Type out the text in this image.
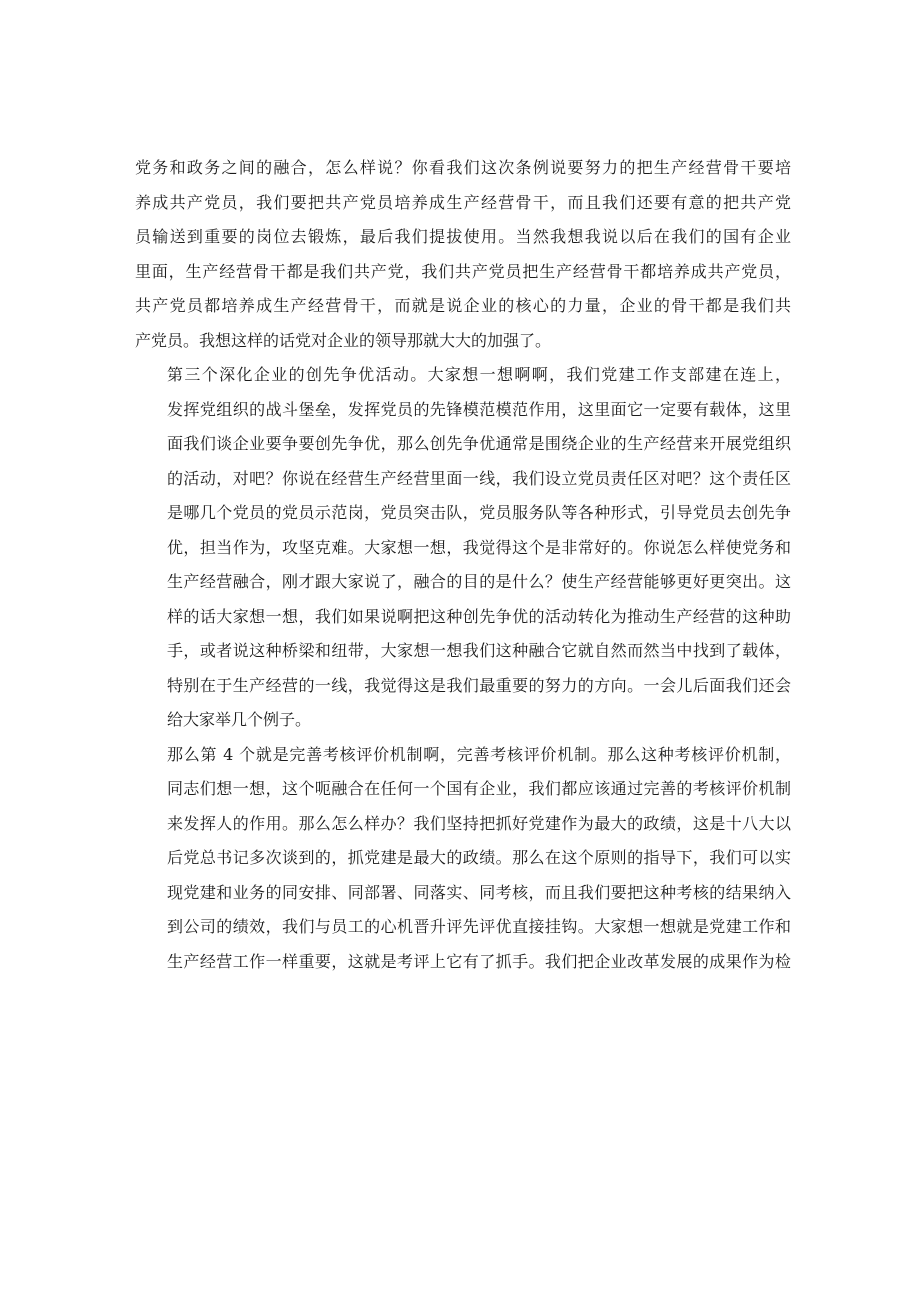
党务和政务之间的融合，怎么样说？你看我们这次条例说要努力的把生产经营骨干要培
养成共产党员，我们要把共产党员培养成生产经营骨干，而且我们还要有意的把共产党
员输送到重要的岗位去锻炼，最后我们提拔使用。当然我想我说以后在我们的国有企业
里面，生产经营骨干都是我们共产党，我们共产党员把生产经营骨干都培养成共产党员，
共产党员都培养成生产经营骨干，而就是说企业的核心的力量，企业的骨干都是我们共
产党员。我想这样的话党对企业的领导那就大大的加强了。
第三个深化企业的创先争优活动。大家想一想啊啊，我们党建工作支部建在连上，
发挥党组织的战斗堡垒，发挥党员的先锋模范模范作用，这里面它一定要有载体，这里
面我们谈企业要争要创先争优，那么创先争优通常是围绕企业的生产经营来开展党组织
的活动，对吧？你说在经营生产经营里面一线，我们设立党员责任区对吧？这个责任区
是哪几个党员的党员示范岗，党员突击队，党员服务队等各种形式，引导党员去创先争
优，担当作为，攻坚克难。大家想一想，我觉得这个是非常好的。你说怎么样使党务和
生产经营融合，刚才跟大家说了，融合的目的是什么？使生产经营能够更好更突出。这
样的话大家想一想，我们如果说啊把这种创先争优的活动转化为推动生产经营的这种助
手，或者说这种桥梁和纽带，大家想一想我们这种融合它就自然而然当中找到了载体，
特别在于生产经营的一线，我觉得这是我们最重要的努力的方向。一会儿后面我们还会
给大家举几个例子。
那么第 4 个就是完善考核评价机制啊，完善考核评价机制。那么这种考核评价机制，
同志们想一想，这个呃融合在任何一个国有企业，我们都应该通过完善的考核评价机制
来发挥人的作用。那么怎么样办？我们坚持把抓好党建作为最大的政绩，这是十八大以
后党总书记多次谈到的，抓党建是最大的政绩。那么在这个原则的指导下，我们可以实
现党建和业务的同安排、同部署、同落实、同考核，而且我们要把这种考核的结果纳入
到公司的绩效，我们与员工的心机晋升评先评优直接挂钩。大家想一想就是党建工作和
生产经营工作一样重要，这就是考评上它有了抓手。我们把企业改革发展的成果作为检
